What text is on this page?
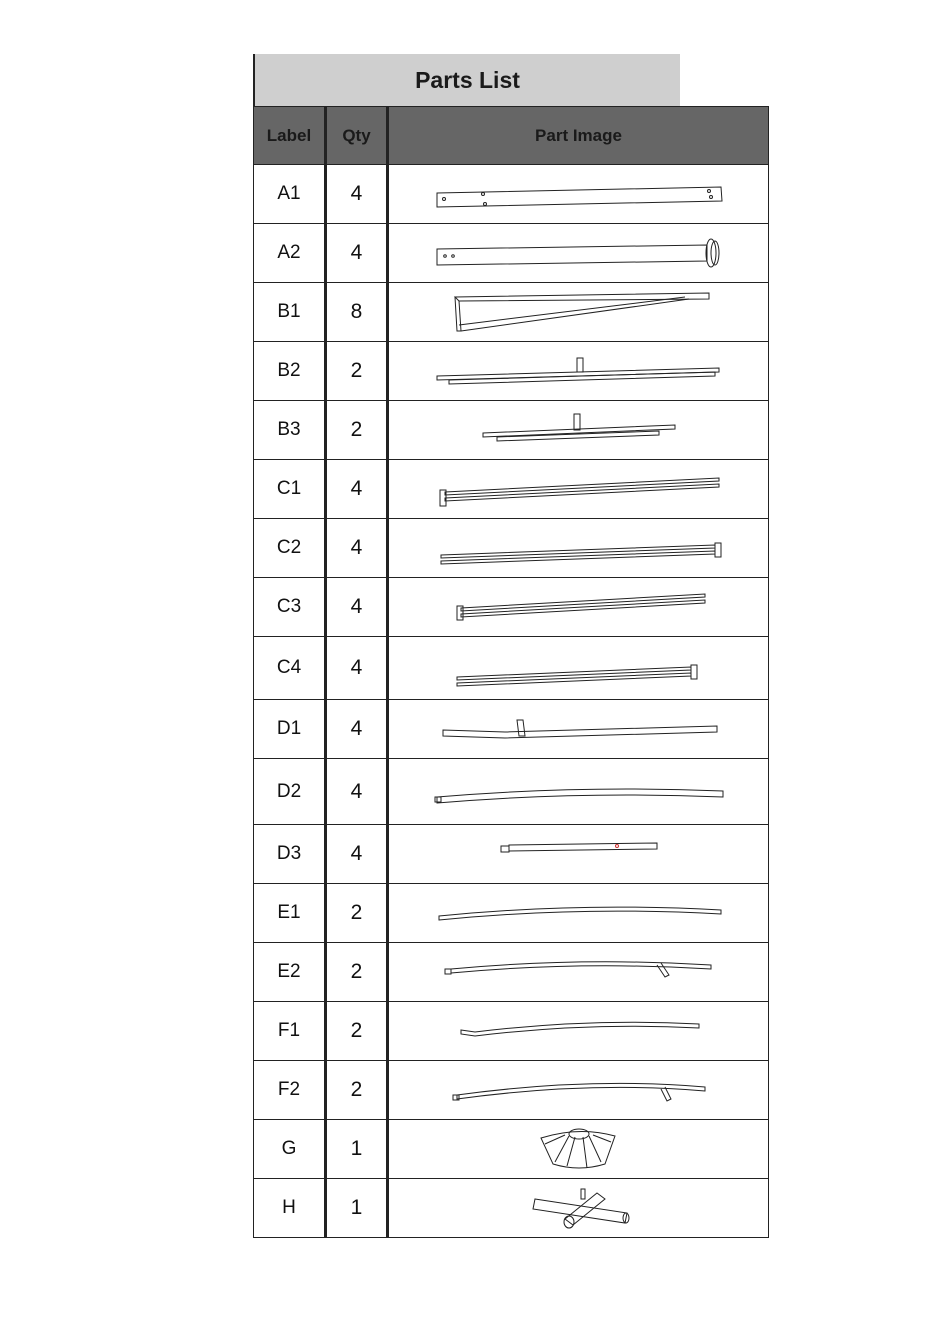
Parts List
Label	Qty	Part Image
A1	4	

A2	4	

B1	8	

B2	2	

B3	2	

C1	4	

C2	4	

C3	4	

C4	4	

D1	4	

D2	4	

D3	4	

E1	2	

E2	2	

F1	2	

F2	2	

G	1	

H	1	
